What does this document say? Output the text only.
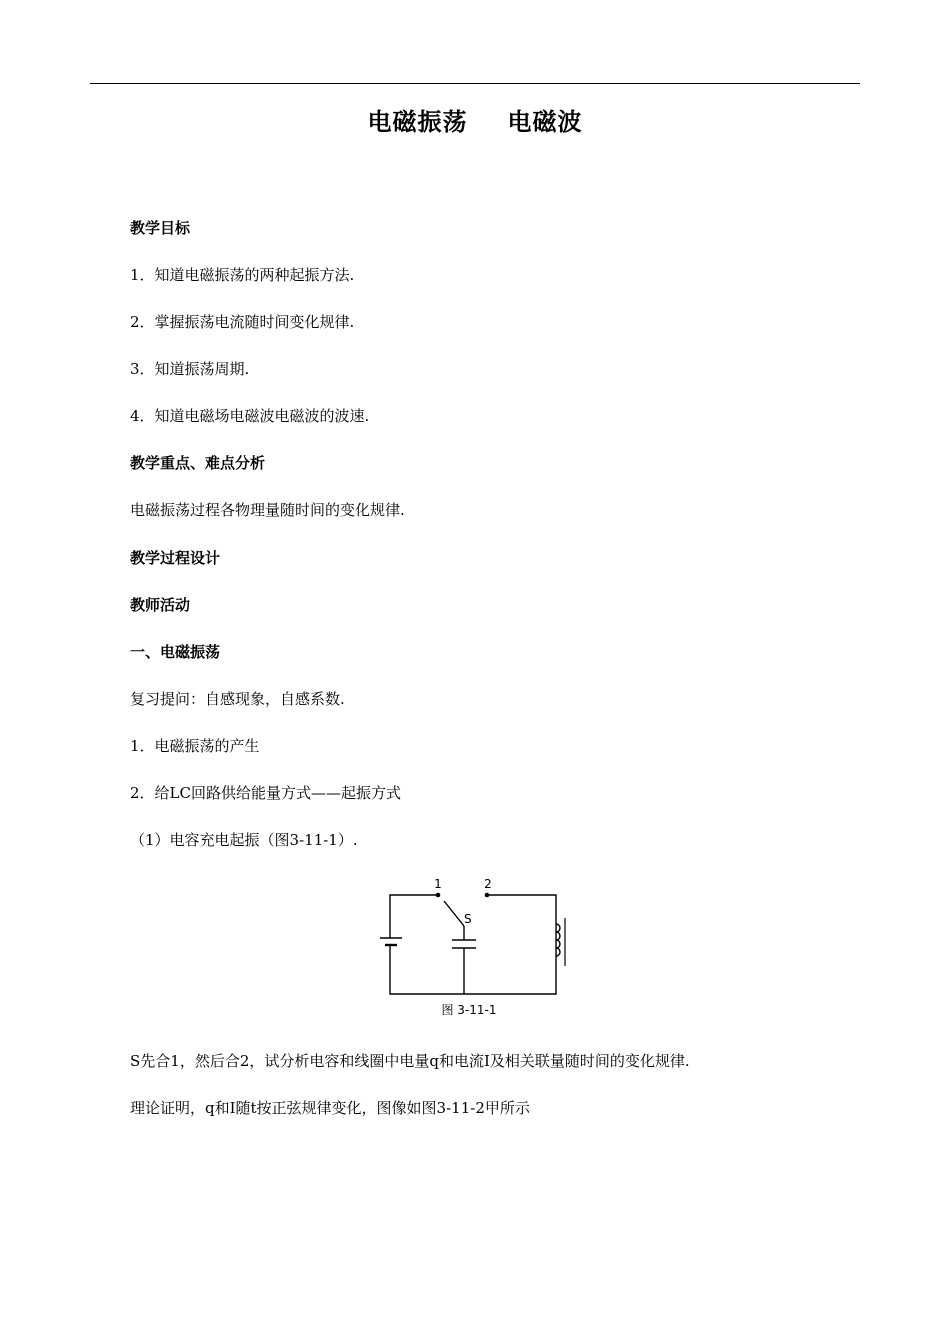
电磁振荡 电磁波
教学目标
1．知道电磁振荡的两种起振方法.
2．掌握振荡电流随时间变化规律.
3．知道振荡周期.
4．知道电磁场电磁波电磁波的波速.
教学重点、难点分析
电磁振荡过程各物理量随时间的变化规律.
教学过程设计
教师活动
一、电磁振荡
复习提问：自感现象，自感系数.
1．电磁振荡的产生
2．给LC回路供给能量方式——起振方式
（1）电容充电起振（图3-11-1）.
1	2
S
图 3-11-1
S先合1，然后合2，试分析电容和线圈中电量q和电流I及相关联量随时间的变化规律.
理论证明，q和I随t按正弦规律变化，图像如图3-11-2甲所示
